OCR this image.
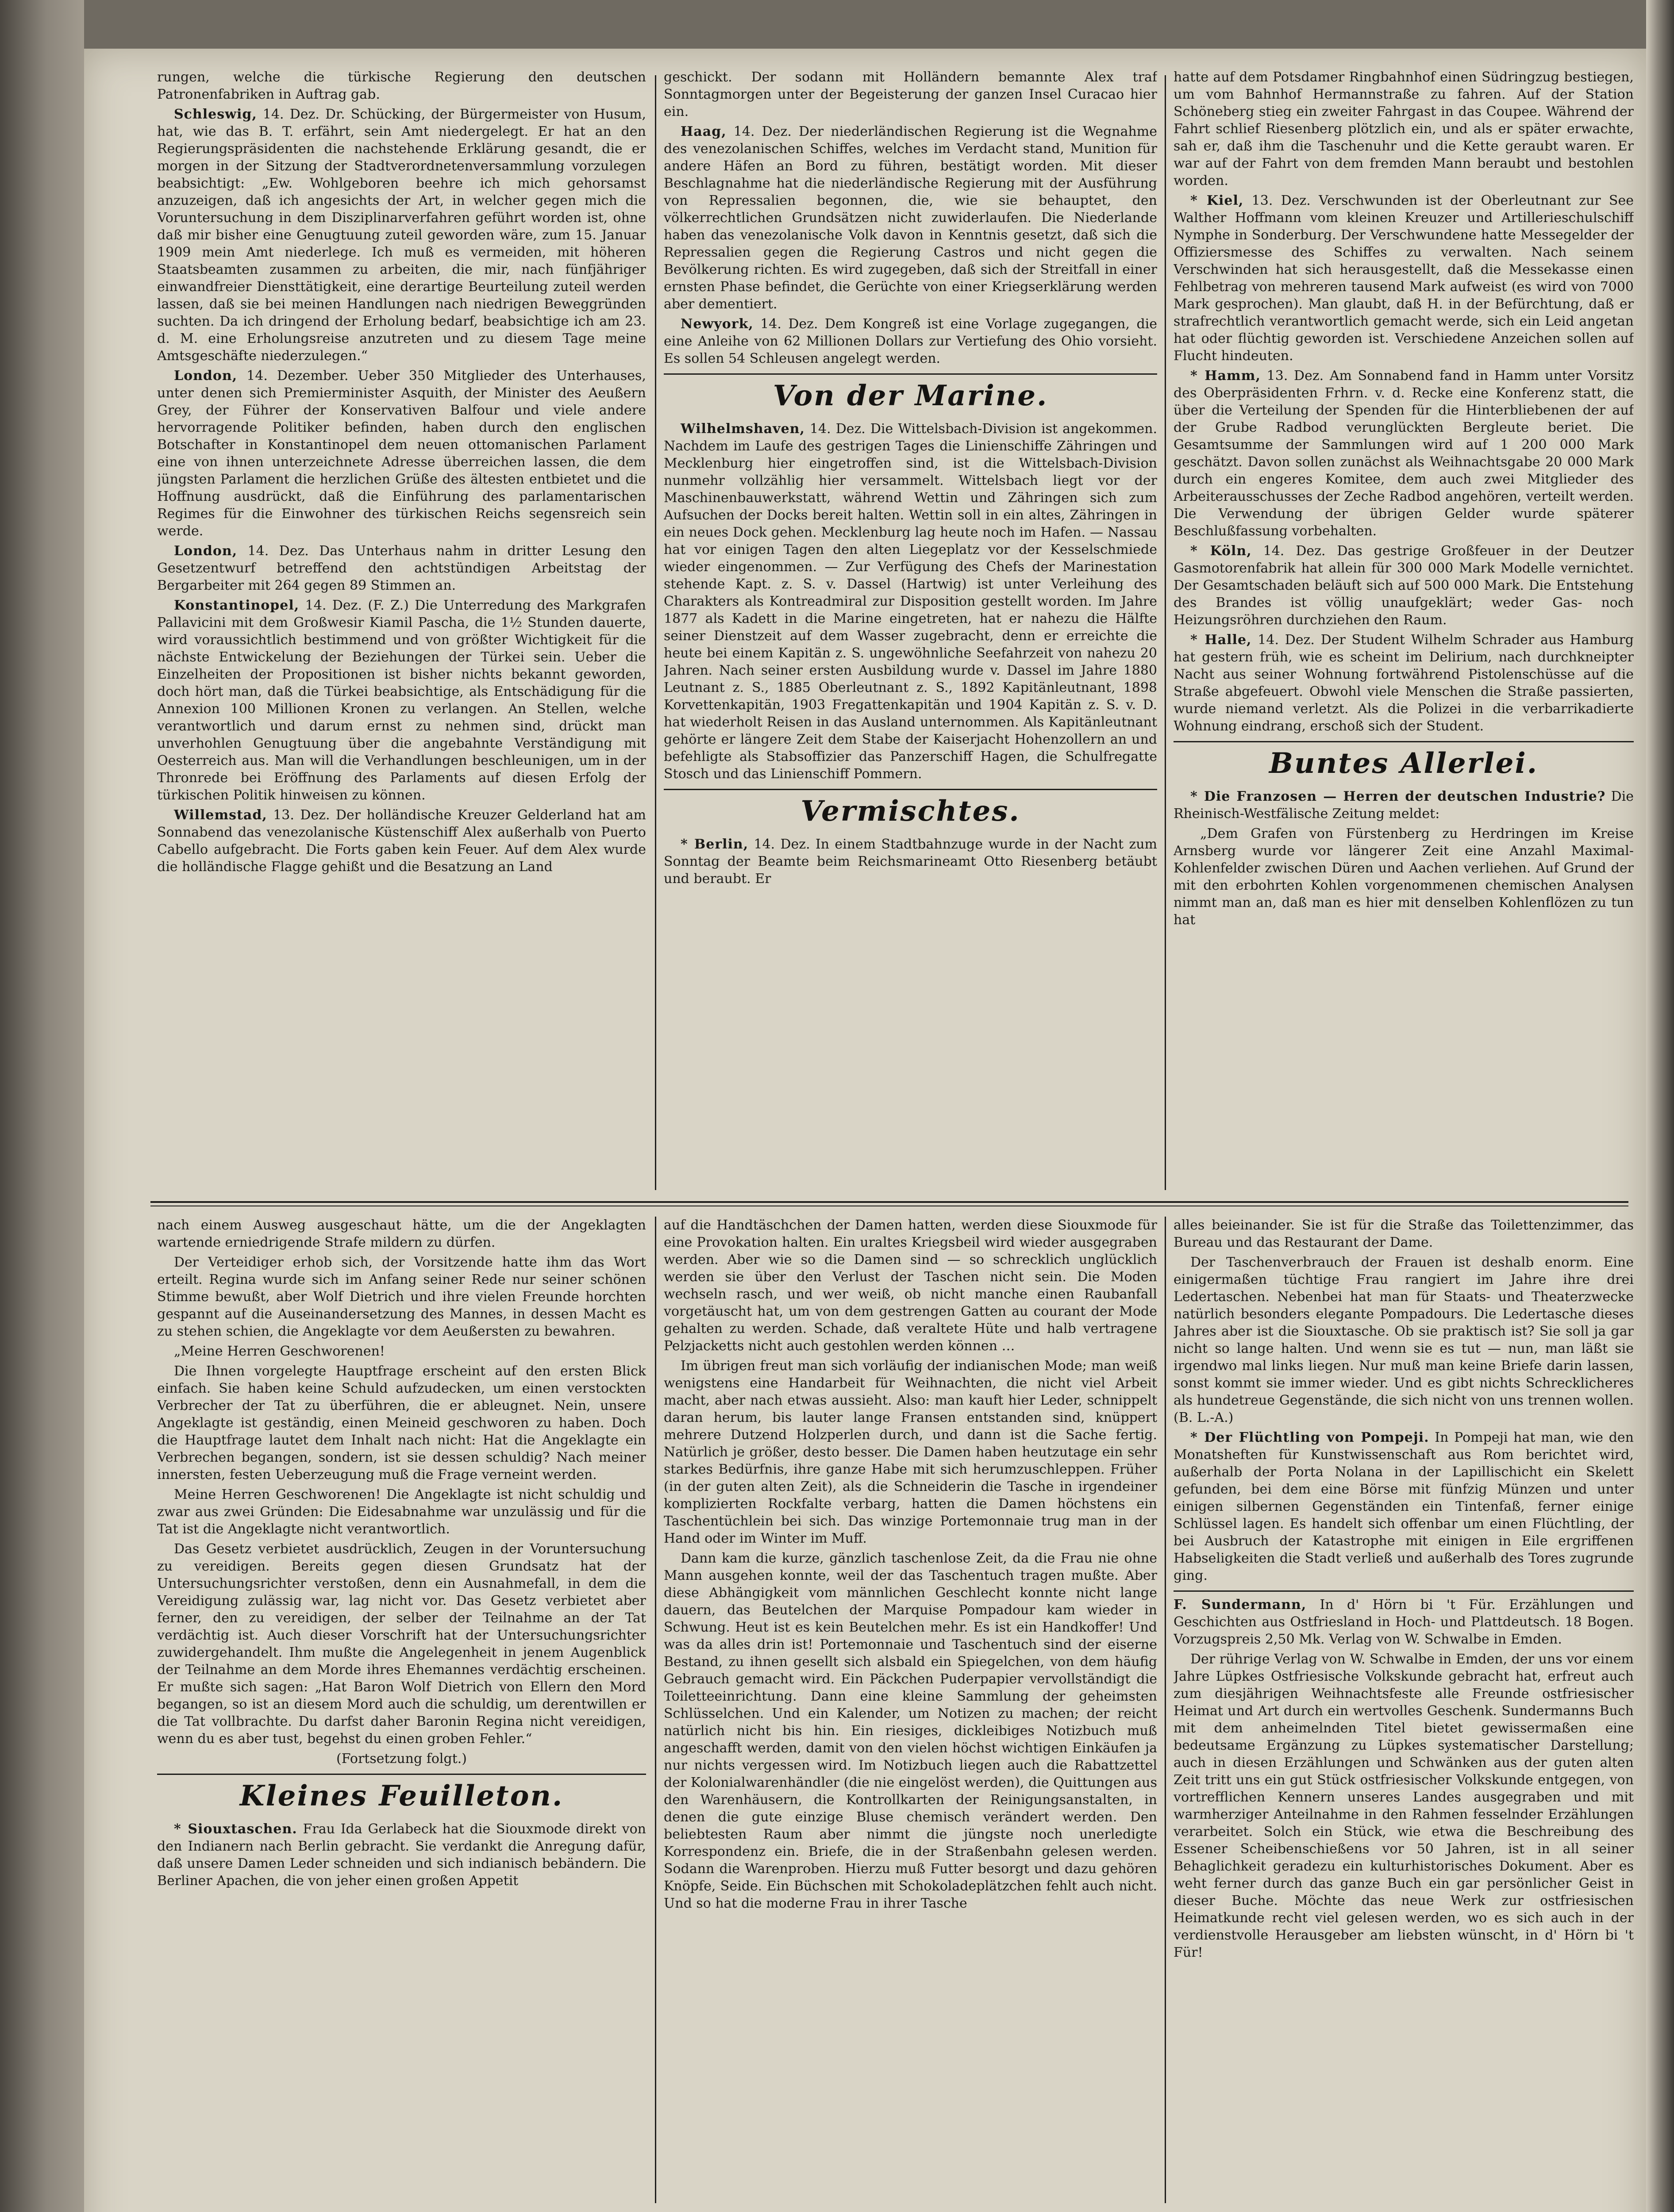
rungen, welche die türkische Regierung den deutschen Patronenfabriken in Auftrag gab.

Schleswig, 14. Dez. Dr. Schücking, der Bürgermeister von Husum, hat, wie das B. T. erfährt, sein Amt niedergelegt. Er hat an den Regierungspräsidenten die nachstehende Erklärung gesandt, die er morgen in der Sitzung der Stadtverordnetenversammlung vorzulegen beabsichtigt: „Ew. Wohlgeboren beehre ich mich gehorsamst anzuzeigen, daß ich angesichts der Art, in welcher gegen mich die Voruntersuchung in dem Disziplinarverfahren geführt worden ist, ohne daß mir bisher eine Genugtuung zuteil geworden wäre, zum 15. Januar 1909 mein Amt niederlege. Ich muß es vermeiden, mit höheren Staatsbeamten zusammen zu arbeiten, die mir, nach fünfjähriger einwandfreier Diensttätigkeit, eine derartige Beurteilung zuteil werden lassen, daß sie bei meinen Handlungen nach niedrigen Beweggründen suchten. Da ich dringend der Erholung bedarf, beabsichtige ich am 23. d. M. eine Erholungsreise anzutreten und zu diesem Tage meine Amtsgeschäfte niederzulegen.“

London, 14. Dezember. Ueber 350 Mitglieder des Unterhauses, unter denen sich Premierminister Asquith, der Minister des Aeußern Grey, der Führer der Konservativen Balfour und viele andere hervorragende Politiker befinden, haben durch den englischen Botschafter in Konstantinopel dem neuen ottomanischen Parlament eine von ihnen unterzeichnete Adresse überreichen lassen, die dem jüngsten Parlament die herzlichen Grüße des ältesten entbietet und die Hoffnung ausdrückt, daß die Einführung des parlamentarischen Regimes für die Einwohner des türkischen Reichs segensreich sein werde.

London, 14. Dez. Das Unterhaus nahm in dritter Lesung den Gesetzentwurf betreffend den achtstündigen Arbeitstag der Bergarbeiter mit 264 gegen 89 Stimmen an.

Konstantinopel, 14. Dez. (F. Z.) Die Unterredung des Markgrafen Pallavicini mit dem Großwesir Kiamil Pascha, die 1½ Stunden dauerte, wird voraussichtlich bestimmend und von größter Wichtigkeit für die nächste Entwickelung der Beziehungen der Türkei sein. Ueber die Einzelheiten der Propositionen ist bisher nichts bekannt geworden, doch hört man, daß die Türkei beabsichtige, als Entschädigung für die Annexion 100 Millionen Kronen zu verlangen. An Stellen, welche verantwortlich und darum ernst zu nehmen sind, drückt man unverhohlen Genugtuung über die angebahnte Verständigung mit Oesterreich aus. Man will die Verhandlungen beschleunigen, um in der Thronrede bei Eröffnung des Parlaments auf diesen Erfolg der türkischen Politik hinweisen zu können.

Willemstad, 13. Dez. Der holländische Kreuzer Gelderland hat am Sonnabend das venezolanische Küstenschiff Alex außerhalb von Puerto Cabello aufgebracht. Die Forts gaben kein Feuer. Auf dem Alex wurde die holländische Flagge gehißt und die Besatzung an Land

geschickt. Der sodann mit Holländern bemannte Alex traf Sonntagmorgen unter der Begeisterung der ganzen Insel Curacao hier ein.

Haag, 14. Dez. Der niederländischen Regierung ist die Wegnahme des venezolanischen Schiffes, welches im Verdacht stand, Munition für andere Häfen an Bord zu führen, bestätigt worden. Mit dieser Beschlagnahme hat die niederländische Regierung mit der Ausführung von Repressalien begonnen, die, wie sie behauptet, den völkerrechtlichen Grundsätzen nicht zuwiderlaufen. Die Niederlande haben das venezolanische Volk davon in Kenntnis gesetzt, daß sich die Repressalien gegen die Regierung Castros und nicht gegen die Bevölkerung richten. Es wird zugegeben, daß sich der Streitfall in einer ernsten Phase befindet, die Gerüchte von einer Kriegserklärung werden aber dementiert.

Newyork, 14. Dez. Dem Kongreß ist eine Vorlage zugegangen, die eine Anleihe von 62 Millionen Dollars zur Vertiefung des Ohio vorsieht. Es sollen 54 Schleusen angelegt werden.

Von der Marine.

Wilhelmshaven, 14. Dez. Die Wittelsbach-Division ist angekommen. Nachdem im Laufe des gestrigen Tages die Linienschiffe Zähringen und Mecklenburg hier eingetroffen sind, ist die Wittelsbach-Division nunmehr vollzählig hier versammelt. Wittelsbach liegt vor der Maschinenbauwerkstatt, während Wettin und Zähringen sich zum Aufsuchen der Docks bereit halten. Wettin soll in ein altes, Zähringen in ein neues Dock gehen. Mecklenburg lag heute noch im Hafen. — Nassau hat vor einigen Tagen den alten Liegeplatz vor der Kesselschmiede wieder eingenommen. — Zur Verfügung des Chefs der Marinestation stehende Kapt. z. S. v. Dassel (Hartwig) ist unter Verleihung des Charakters als Kontreadmiral zur Disposition gestellt worden. Im Jahre 1877 als Kadett in die Marine eingetreten, hat er nahezu die Hälfte seiner Dienstzeit auf dem Wasser zugebracht, denn er erreichte die heute bei einem Kapitän z. S. ungewöhnliche Seefahrzeit von nahezu 20 Jahren. Nach seiner ersten Ausbildung wurde v. Dassel im Jahre 1880 Leutnant z. S., 1885 Oberleutnant z. S., 1892 Kapitänleutnant, 1898 Korvettenkapitän, 1903 Fregattenkapitän und 1904 Kapitän z. S. v. D. hat wiederholt Reisen in das Ausland unternommen. Als Kapitänleutnant gehörte er längere Zeit dem Stabe der Kaiserjacht Hohenzollern an und befehligte als Stabsoffizier das Panzerschiff Hagen, die Schulfregatte Stosch und das Linienschiff Pommern.

Vermischtes.

* Berlin, 14. Dez. In einem Stadtbahnzuge wurde in der Nacht zum Sonntag der Beamte beim Reichsmarineamt Otto Riesenberg betäubt und beraubt. Er

hatte auf dem Potsdamer Ringbahnhof einen Südringzug bestiegen, um vom Bahnhof Hermannstraße zu fahren. Auf der Station Schöneberg stieg ein zweiter Fahrgast in das Coupee. Während der Fahrt schlief Riesenberg plötzlich ein, und als er später erwachte, sah er, daß ihm die Taschenuhr und die Kette geraubt waren. Er war auf der Fahrt von dem fremden Mann beraubt und bestohlen worden.

* Kiel, 13. Dez. Verschwunden ist der Oberleutnant zur See Walther Hoffmann vom kleinen Kreuzer und Artillerieschulschiff Nymphe in Sonderburg. Der Verschwundene hatte Messegelder der Offiziersmesse des Schiffes zu verwalten. Nach seinem Verschwinden hat sich herausgestellt, daß die Messekasse einen Fehlbetrag von mehreren tausend Mark aufweist (es wird von 7000 Mark gesprochen). Man glaubt, daß H. in der Befürchtung, daß er strafrechtlich verantwortlich gemacht werde, sich ein Leid angetan hat oder flüchtig geworden ist. Verschiedene Anzeichen sollen auf Flucht hindeuten.

* Hamm, 13. Dez. Am Sonnabend fand in Hamm unter Vorsitz des Oberpräsidenten Frhrn. v. d. Recke eine Konferenz statt, die über die Verteilung der Spenden für die Hinterbliebenen der auf der Grube Radbod verunglückten Bergleute beriet. Die Gesamtsumme der Sammlungen wird auf 1 200 000 Mark geschätzt. Davon sollen zunächst als Weihnachtsgabe 20 000 Mark durch ein engeres Komitee, dem auch zwei Mitglieder des Arbeiterausschusses der Zeche Radbod angehören, verteilt werden. Die Verwendung der übrigen Gelder wurde späterer Beschlußfassung vorbehalten.

* Köln, 14. Dez. Das gestrige Großfeuer in der Deutzer Gasmotorenfabrik hat allein für 300 000 Mark Modelle vernichtet. Der Gesamtschaden beläuft sich auf 500 000 Mark. Die Entstehung des Brandes ist völlig unaufgeklärt; weder Gas- noch Heizungsröhren durchziehen den Raum.

* Halle, 14. Dez. Der Student Wilhelm Schrader aus Hamburg hat gestern früh, wie es scheint im Delirium, nach durchkneipter Nacht aus seiner Wohnung fortwährend Pistolenschüsse auf die Straße abgefeuert. Obwohl viele Menschen die Straße passierten, wurde niemand verletzt. Als die Polizei in die verbarrikadierte Wohnung eindrang, erschoß sich der Student.

Buntes Allerlei.

* Die Franzosen — Herren der deutschen Industrie? Die Rheinisch-Westfälische Zeitung meldet:

„Dem Grafen von Fürstenberg zu Herdringen im Kreise Arnsberg wurde vor längerer Zeit eine Anzahl Maximal-Kohlenfelder zwischen Düren und Aachen verliehen. Auf Grund der mit den erbohrten Kohlen vorgenommenen chemischen Analysen nimmt man an, daß man es hier mit denselben Kohlenflözen zu tun hat

nach einem Ausweg ausgeschaut hätte, um die der Angeklagten wartende erniedrigende Strafe mildern zu dürfen.

Der Verteidiger erhob sich, der Vorsitzende hatte ihm das Wort erteilt. Regina wurde sich im Anfang seiner Rede nur seiner schönen Stimme bewußt, aber Wolf Dietrich und ihre vielen Freunde horchten gespannt auf die Auseinandersetzung des Mannes, in dessen Macht es zu stehen schien, die Angeklagte vor dem Aeußersten zu bewahren.

„Meine Herren Geschworenen!

Die Ihnen vorgelegte Hauptfrage erscheint auf den ersten Blick einfach. Sie haben keine Schuld aufzudecken, um einen verstockten Verbrecher der Tat zu überführen, die er ableugnet. Nein, unsere Angeklagte ist geständig, einen Meineid geschworen zu haben. Doch die Hauptfrage lautet dem Inhalt nach nicht: Hat die Angeklagte ein Verbrechen begangen, sondern, ist sie dessen schuldig? Nach meiner innersten, festen Ueberzeugung muß die Frage verneint werden.

Meine Herren Geschworenen! Die Angeklagte ist nicht schuldig und zwar aus zwei Gründen: Die Eidesabnahme war unzulässig und für die Tat ist die Angeklagte nicht verantwortlich.

Das Gesetz verbietet ausdrücklich, Zeugen in der Voruntersuchung zu vereidigen. Bereits gegen diesen Grundsatz hat der Untersuchungsrichter verstoßen, denn ein Ausnahmefall, in dem die Vereidigung zulässig war, lag nicht vor. Das Gesetz verbietet aber ferner, den zu vereidigen, der selber der Teilnahme an der Tat verdächtig ist. Auch dieser Vorschrift hat der Untersuchungsrichter zuwidergehandelt. Ihm mußte die Angelegenheit in jenem Augenblick der Teilnahme an dem Morde ihres Ehemannes verdächtig erscheinen. Er mußte sich sagen: „Hat Baron Wolf Dietrich von Ellern den Mord begangen, so ist an diesem Mord auch die schuldig, um derentwillen er die Tat vollbrachte. Du darfst daher Baronin Regina nicht vereidigen, wenn du es aber tust, begehst du einen groben Fehler.“

(Fortsetzung folgt.)

Kleines Feuilleton.

* Siouxtaschen. Frau Ida Gerlabeck hat die Siouxmode direkt von den Indianern nach Berlin gebracht. Sie verdankt die Anregung dafür, daß unsere Damen Leder schneiden und sich indianisch bebändern. Die Berliner Apachen, die von jeher einen großen Appetit

auf die Handtäschchen der Damen hatten, werden diese Siouxmode für eine Provokation halten. Ein uraltes Kriegsbeil wird wieder ausgegraben werden. Aber wie so die Damen sind — so schrecklich unglücklich werden sie über den Verlust der Taschen nicht sein. Die Moden wechseln rasch, und wer weiß, ob nicht manche einen Raubanfall vorgetäuscht hat, um von dem gestrengen Gatten au courant der Mode gehalten zu werden. Schade, daß veraltete Hüte und halb vertragene Pelzjacketts nicht auch gestohlen werden können …

Im übrigen freut man sich vorläufig der indianischen Mode; man weiß wenigstens eine Handarbeit für Weihnachten, die nicht viel Arbeit macht, aber nach etwas aussieht. Also: man kauft hier Leder, schnippelt daran herum, bis lauter lange Fransen entstanden sind, knüppert mehrere Dutzend Holzperlen durch, und dann ist die Sache fertig. Natürlich je größer, desto besser. Die Damen haben heutzutage ein sehr starkes Bedürfnis, ihre ganze Habe mit sich herumzuschleppen. Früher (in der guten alten Zeit), als die Schneiderin die Tasche in irgendeiner komplizierten Rockfalte verbarg, hatten die Damen höchstens ein Taschentüchlein bei sich. Das winzige Portemonnaie trug man in der Hand oder im Winter im Muff.

Dann kam die kurze, gänzlich taschenlose Zeit, da die Frau nie ohne Mann ausgehen konnte, weil der das Taschentuch tragen mußte. Aber diese Abhängigkeit vom männlichen Geschlecht konnte nicht lange dauern, das Beutelchen der Marquise Pompadour kam wieder in Schwung. Heut ist es kein Beutelchen mehr. Es ist ein Handkoffer! Und was da alles drin ist! Portemonnaie und Taschentuch sind der eiserne Bestand, zu ihnen gesellt sich alsbald ein Spiegelchen, von dem häufig Gebrauch gemacht wird. Ein Päckchen Puderpapier vervollständigt die Toiletteeinrichtung. Dann eine kleine Sammlung der geheimsten Schlüsselchen. Und ein Kalender, um Notizen zu machen; der reicht natürlich nicht bis hin. Ein riesiges, dickleibiges Notizbuch muß angeschafft werden, damit von den vielen höchst wichtigen Einkäufen ja nur nichts vergessen wird. Im Notizbuch liegen auch die Rabattzettel der Kolonialwarenhändler (die nie eingelöst werden), die Quittungen aus den Warenhäusern, die Kontrollkarten der Reinigungsanstalten, in denen die gute einzige Bluse chemisch verändert werden. Den beliebtesten Raum aber nimmt die jüngste noch unerledigte Korrespondenz ein. Briefe, die in der Straßenbahn gelesen werden. Sodann die Warenproben. Hierzu muß Futter besorgt und dazu gehören Knöpfe, Seide. Ein Büchschen mit Schokoladeplätzchen fehlt auch nicht. Und so hat die moderne Frau in ihrer Tasche

alles beieinander. Sie ist für die Straße das Toilettenzimmer, das Bureau und das Restaurant der Dame.

Der Taschenverbrauch der Frauen ist deshalb enorm. Eine einigermaßen tüchtige Frau rangiert im Jahre ihre drei Ledertaschen. Nebenbei hat man für Staats- und Theaterzwecke natürlich besonders elegante Pompadours. Die Ledertasche dieses Jahres aber ist die Siouxtasche. Ob sie praktisch ist? Sie soll ja gar nicht so lange halten. Und wenn sie es tut — nun, man läßt sie irgendwo mal links liegen. Nur muß man keine Briefe darin lassen, sonst kommt sie immer wieder. Und es gibt nichts Schrecklicheres als hundetreue Gegenstände, die sich nicht von uns trennen wollen. (B. L.-A.)

* Der Flüchtling von Pompeji. In Pompeji hat man, wie den Monatsheften für Kunstwissenschaft aus Rom berichtet wird, außerhalb der Porta Nolana in der Lapillischicht ein Skelett gefunden, bei dem eine Börse mit fünfzig Münzen und unter einigen silbernen Gegenständen ein Tintenfaß, ferner einige Schlüssel lagen. Es handelt sich offenbar um einen Flüchtling, der bei Ausbruch der Katastrophe mit einigen in Eile ergriffenen Habseligkeiten die Stadt verließ und außerhalb des Tores zugrunde ging.

F. Sundermann, In d' Hörn bi 't Für. Erzählungen und Geschichten aus Ostfriesland in Hoch- und Plattdeutsch. 18 Bogen. Vorzugspreis 2,50 Mk. Verlag von W. Schwalbe in Emden.

Der rührige Verlag von W. Schwalbe in Emden, der uns vor einem Jahre Lüpkes Ostfriesische Volkskunde gebracht hat, erfreut auch zum diesjährigen Weihnachtsfeste alle Freunde ostfriesischer Heimat und Art durch ein wertvolles Geschenk. Sundermanns Buch mit dem anheimelnden Titel bietet gewissermaßen eine bedeutsame Ergänzung zu Lüpkes systematischer Darstellung; auch in diesen Erzählungen und Schwänken aus der guten alten Zeit tritt uns ein gut Stück ostfriesischer Volkskunde entgegen, von vortrefflichen Kennern unseres Landes ausgegraben und mit warmherziger Anteilnahme in den Rahmen fesselnder Erzählungen verarbeitet. Solch ein Stück, wie etwa die Beschreibung des Essener Scheibenschießens vor 50 Jahren, ist in all seiner Behaglichkeit geradezu ein kulturhistorisches Dokument. Aber es weht ferner durch das ganze Buch ein gar persönlicher Geist in dieser Buche. Möchte das neue Werk zur ostfriesischen Heimatkunde recht viel gelesen werden, wo es sich auch in der verdienstvolle Herausgeber am liebsten wünscht, in d' Hörn bi 't Für!
